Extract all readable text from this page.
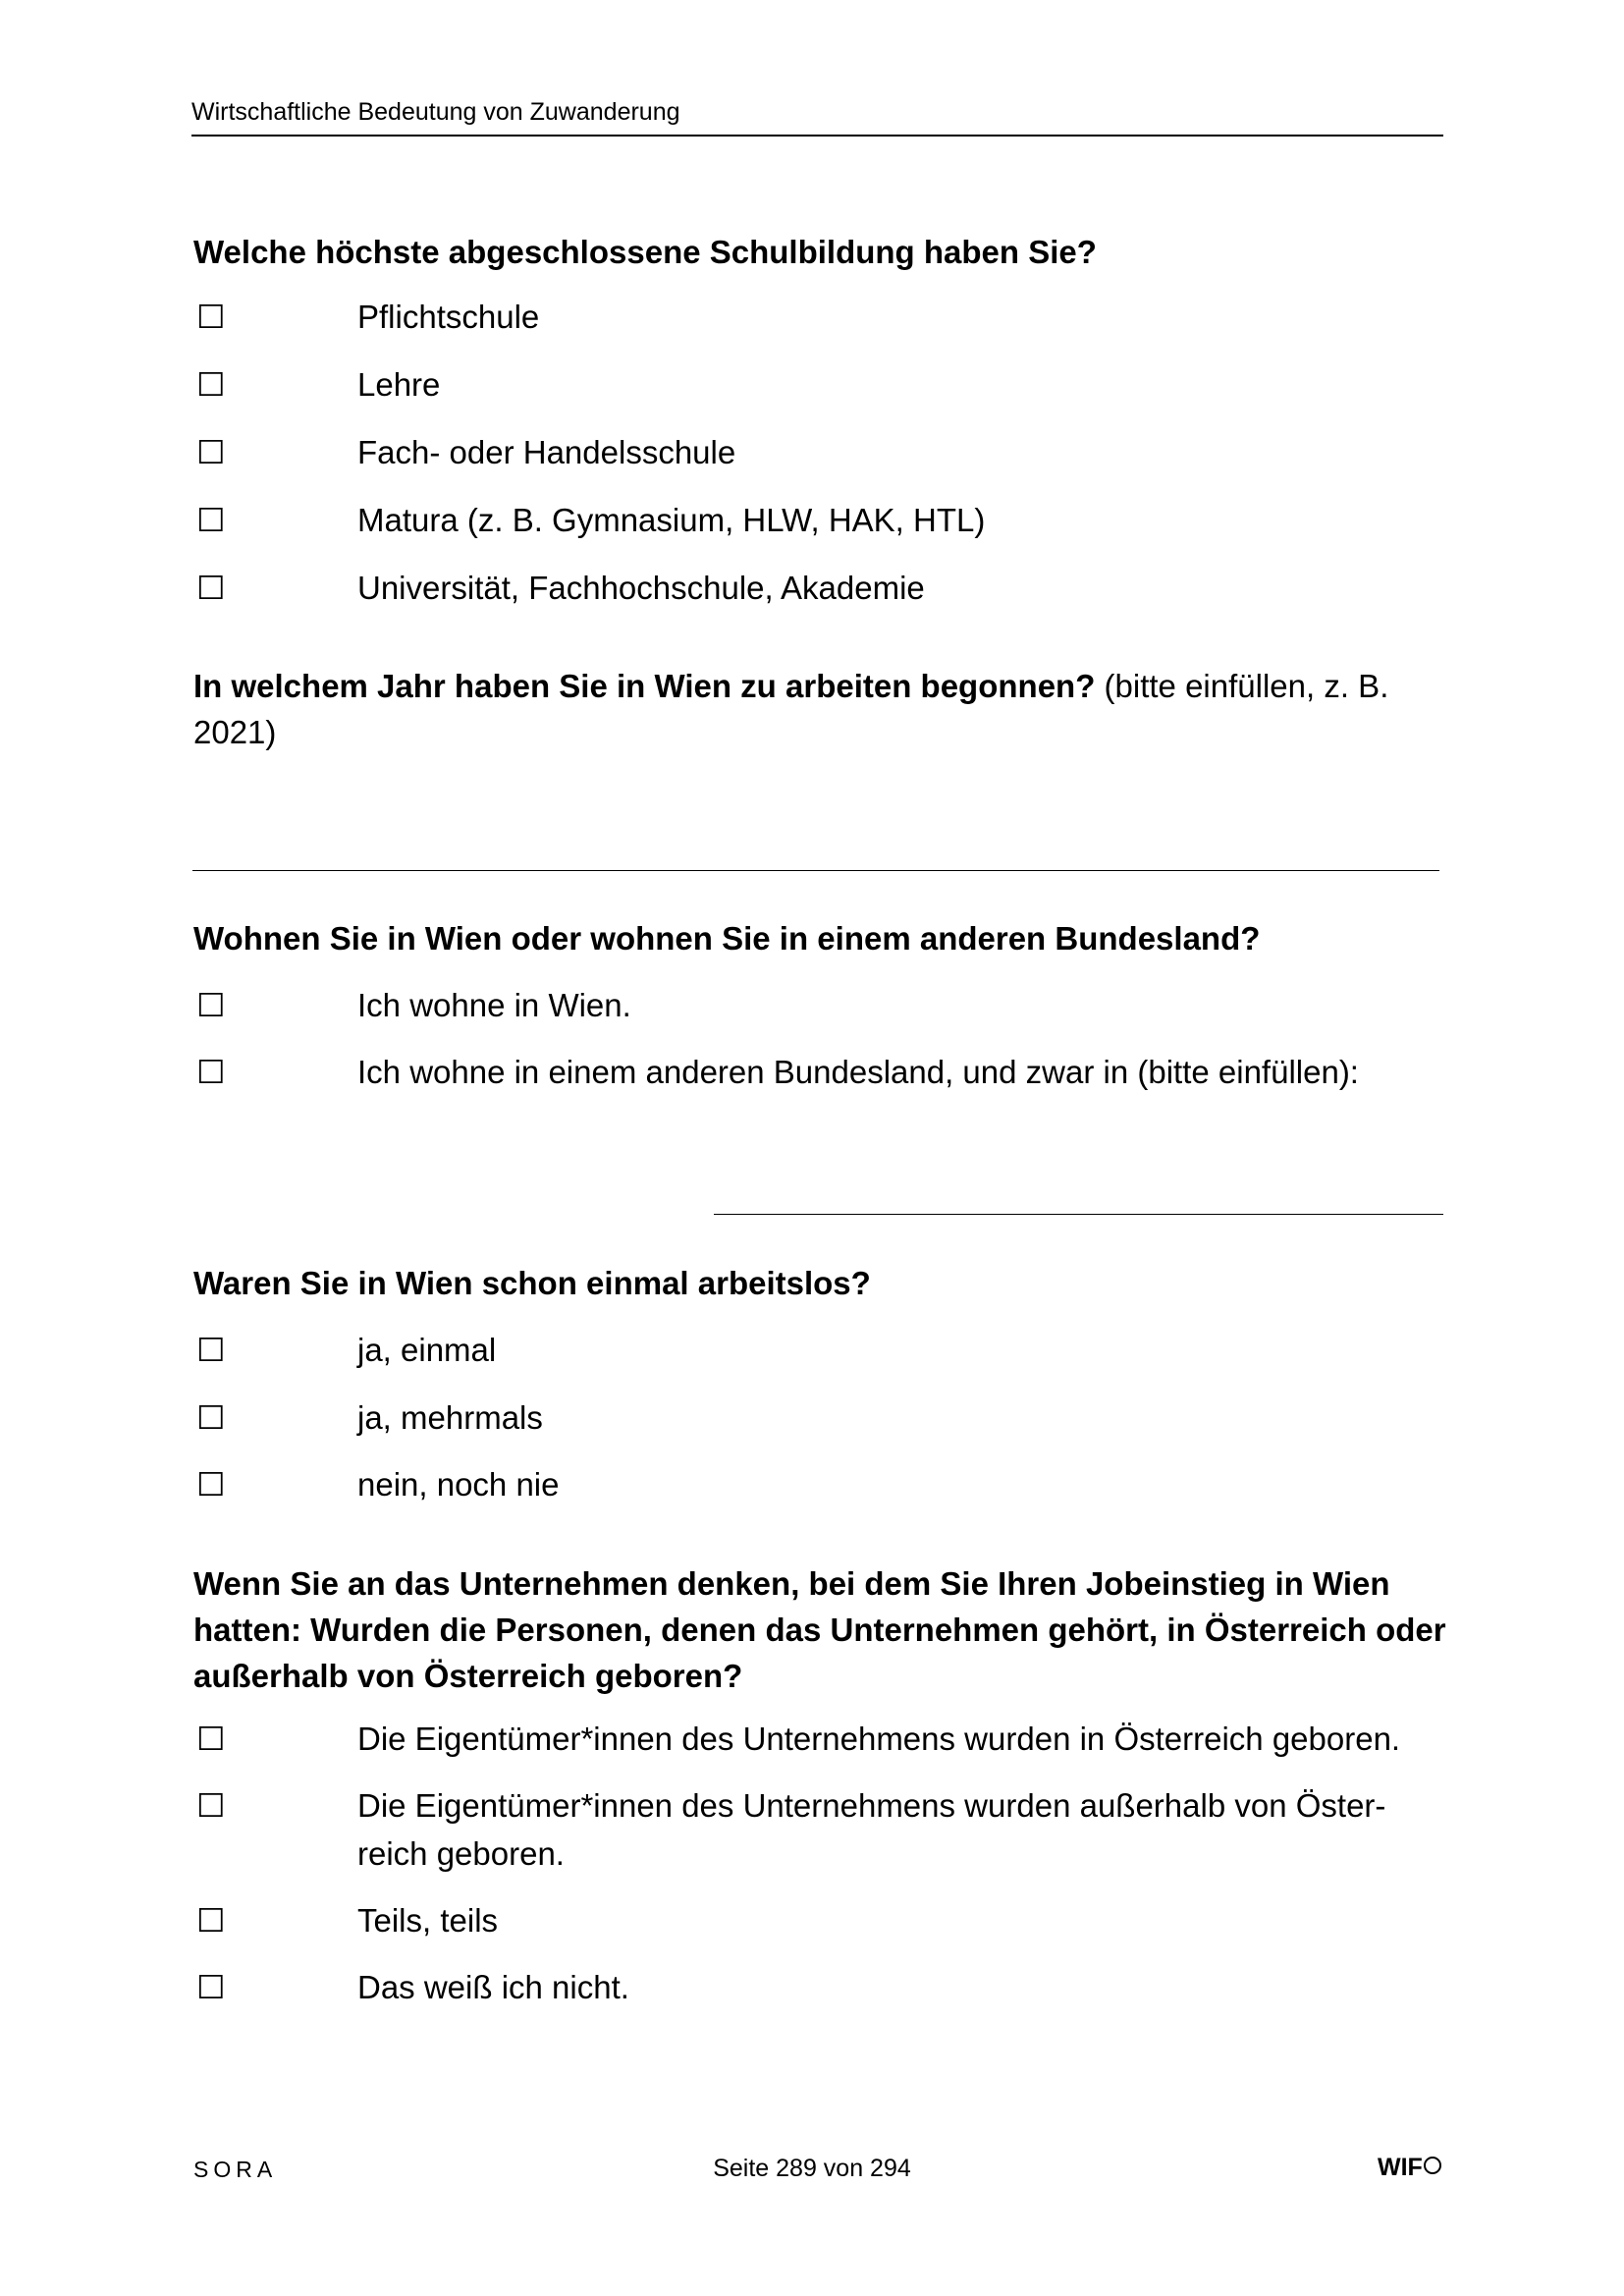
Wirtschaftliche Bedeutung von Zuwanderung
Welche höchste abgeschlossene Schulbildung haben Sie?
☐	Pflichtschule
☐	Lehre
☐	Fach- oder Handelsschule
☐	Matura (z. B. Gymnasium, HLW, HAK, HTL)
☐	Universität, Fachhochschule, Akademie
In welchem Jahr haben Sie in Wien zu arbeiten begonnen? (bitte einfüllen, z. B. 2021)
Wohnen Sie in Wien oder wohnen Sie in einem anderen Bundesland?
☐	Ich wohne in Wien.
☐	Ich wohne in einem anderen Bundesland, und zwar in (bitte einfüllen):
Waren Sie in Wien schon einmal arbeitslos?
☐	ja, einmal
☐	ja, mehrmals
☐	nein, noch nie
Wenn Sie an das Unternehmen denken, bei dem Sie Ihren Jobeinstieg in Wien hatten: Wurden die Personen, denen das Unternehmen gehört, in Österreich oder außerhalb von Österreich geboren?
☐	Die Eigentümer*innen des Unternehmens wurden in Österreich geboren.
☐	Die Eigentümer*innen des Unternehmens wurden außerhalb von Öster-reich geboren.
☐	Teils, teils
☐	Das weiß ich nicht.
SORA	Seite 289 von 294	WIF
